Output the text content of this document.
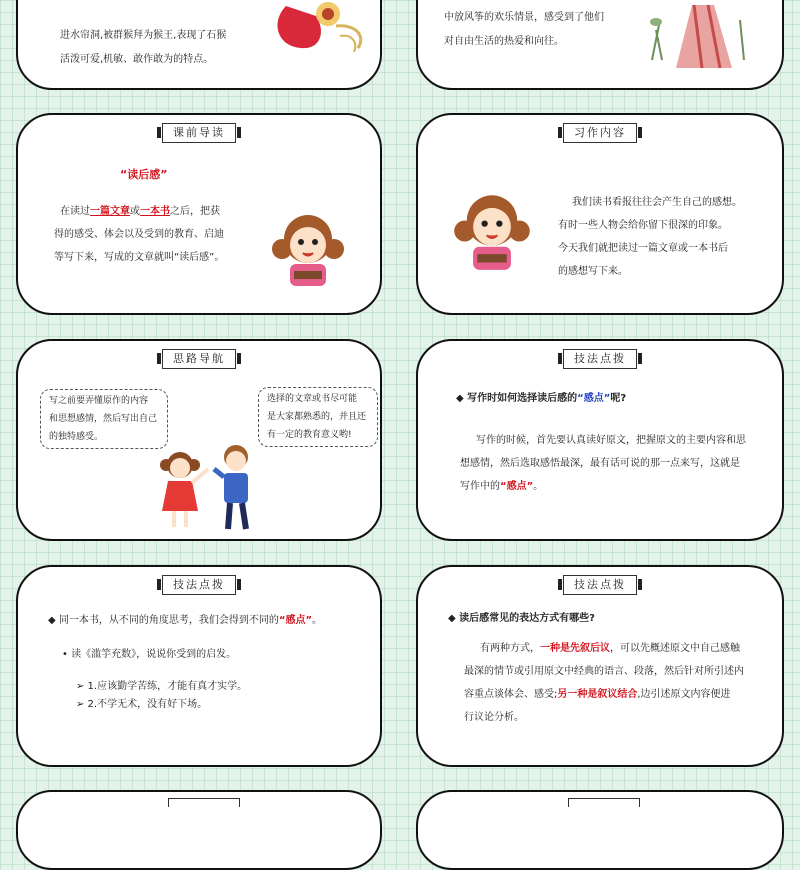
进水帘洞,被群猴拜为猴王,表现了石猴
活泼可爱,机敏、敢作敢为的特点。
中放风筝的欢乐情景，感受到了他们
对自由生活的热爱和向往。
课前导读
“读后感”
在读过一篇文章或一本书之后，把获
得的感受、体会以及受到的教育、启迪
等写下来，写成的文章就叫“读后感”。
习作内容
我们读书看报往往会产生自己的感想。
有时一些人物会给你留下很深的印象。
今天我们就把读过一篇文章或一本书后
的感想写下来。
思路导航
写之前要弄懂原作的内容
和思想感情，然后写出自己
的独特感受。
选择的文章或书尽可能
是大家都熟悉的，并且还
有一定的教育意义哟!
技法点拨
◆ 写作时如何选择读后感的“感点”呢?
写作的时候，首先要认真读好原文，把握原文的主要内容和思
想感情，然后选取感悟最深，最有话可说的那一点来写，这就是
写作中的“感点”。
技法点拨
◆ 同一本书，从不同的角度思考，我们会得到不同的“感点”。
• 读《滥竽充数》，说说你受到的启发。
➢ 1.应该勤学苦练，才能有真才实学。
➢ 2.不学无术，没有好下场。
技法点拨
◆ 读后感常见的表达方式有哪些?
有两种方式，一种是先叙后议，可以先概述原文中自己感触
最深的情节或引用原文中经典的语言、段落，然后针对所引述内
容重点谈体会、感受;另一种是叙议结合,边引述原文内容便进
行议论分析。
